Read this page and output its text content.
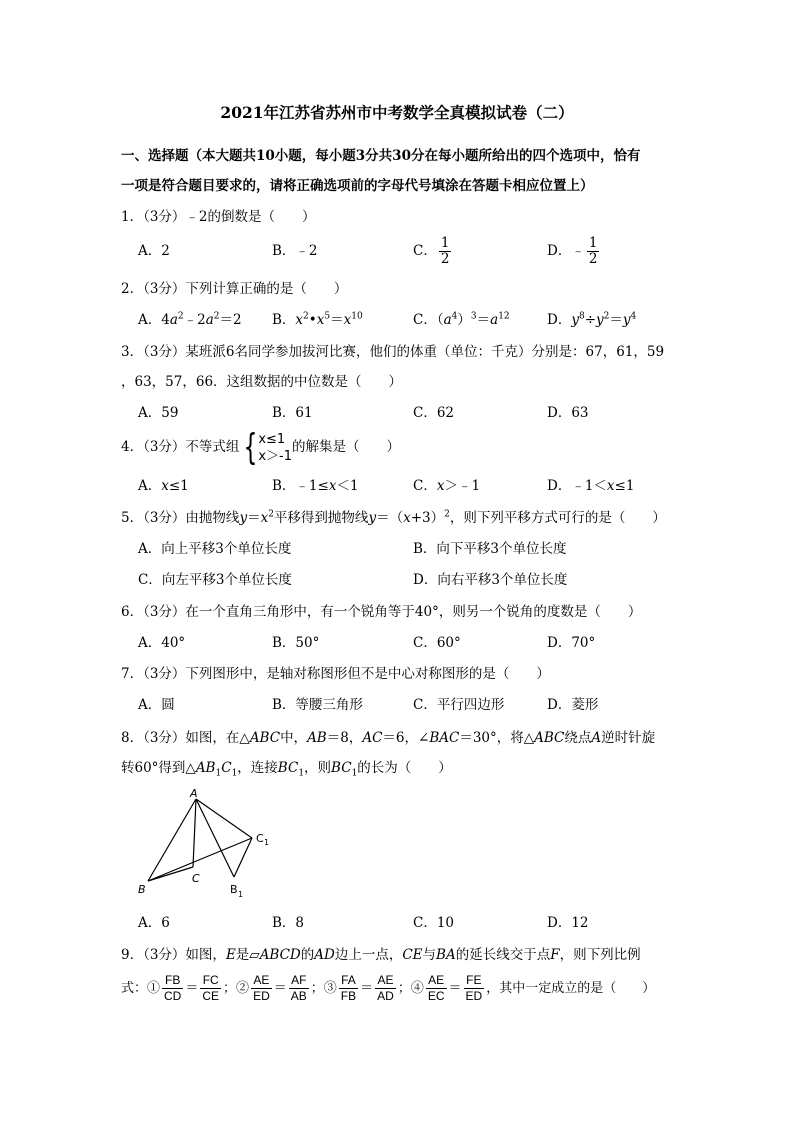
2021年江苏省苏州市中考数学全真模拟试卷（二）
一、选择题（本大题共10小题，每小题3分共30分在每小题所给出的四个选项中，恰有
一项是符合题目要求的，请将正确选项前的字母代号填涂在答题卡相应位置上）
1．（3分）﹣2的倒数是（　　）
A．2	B．﹣2	C． $\frac{1}{2}$	D．﹣ $\frac{1}{2}$
2．（3分）下列计算正确的是（　　）
A．$4a^2﹣2a^2=2$ B．$x^2•x^5=x^{10}$	C．$(a^4)^3=a^{12}$	D．$y^8\div y^2=y^4$
3．（3分）某班派6名同学参加拔河比赛，他们的体重（单位：千克）分别是：67，61，59
，63，57，66．这组数据的中位数是（　　）
A．59	B．61	C．62	D．63
4．（3分）不等式组 { x≤1
x＞-1
的解集是（　　）
A．x≤1	B．﹣1≤x＜1	C．x＞﹣1	D．﹣1＜x≤1
5．（3分）由抛物线$y=x^2$平移得到抛物线$y=(x+3)^2$，则下列平移方式可行的是（　　）
A．向上平移3个单位长度	B．向下平移3个单位长度
C．向左平移3个单位长度	D．向右平移3个单位长度
6．（3分）在一个直角三角形中，有一个锐角等于40°，则另一个锐角的度数是（　　）
A．40°	B．50°	C．60°	D．70°
7．（3分）下列图形中，是轴对称图形但不是中心对称图形的是（　　）
A．圆	B．等腰三角形	C．平行四边形	D．菱形
8．（3分）如图，在△ABC中，AB＝8，AC＝6，∠BAC＝30°，将△ABC绕点A逆时针旋
转60°得到$\triangle AB_1C_1$，连接$BC_1$，则$BC_1$的长为（　　）
A
B
C
C 1
B 1
A．6	B．8	C．10	D．12
9．（3分）如图，E是▱ABCD的AD边上一点，CE与BA的延长线交于点F，则下列比例
式：① $\frac{FB}{CD} = \frac{FC}{CE}$ ；② $\frac{AE}{ED} = \frac{AF}{AB}$ ；③ $\frac{FA}{FB} = \frac{AE}{AD}$ ；④ $\frac{AE}{EC} = \frac{FE}{ED}$ ，其中一定成立的是（　　）
